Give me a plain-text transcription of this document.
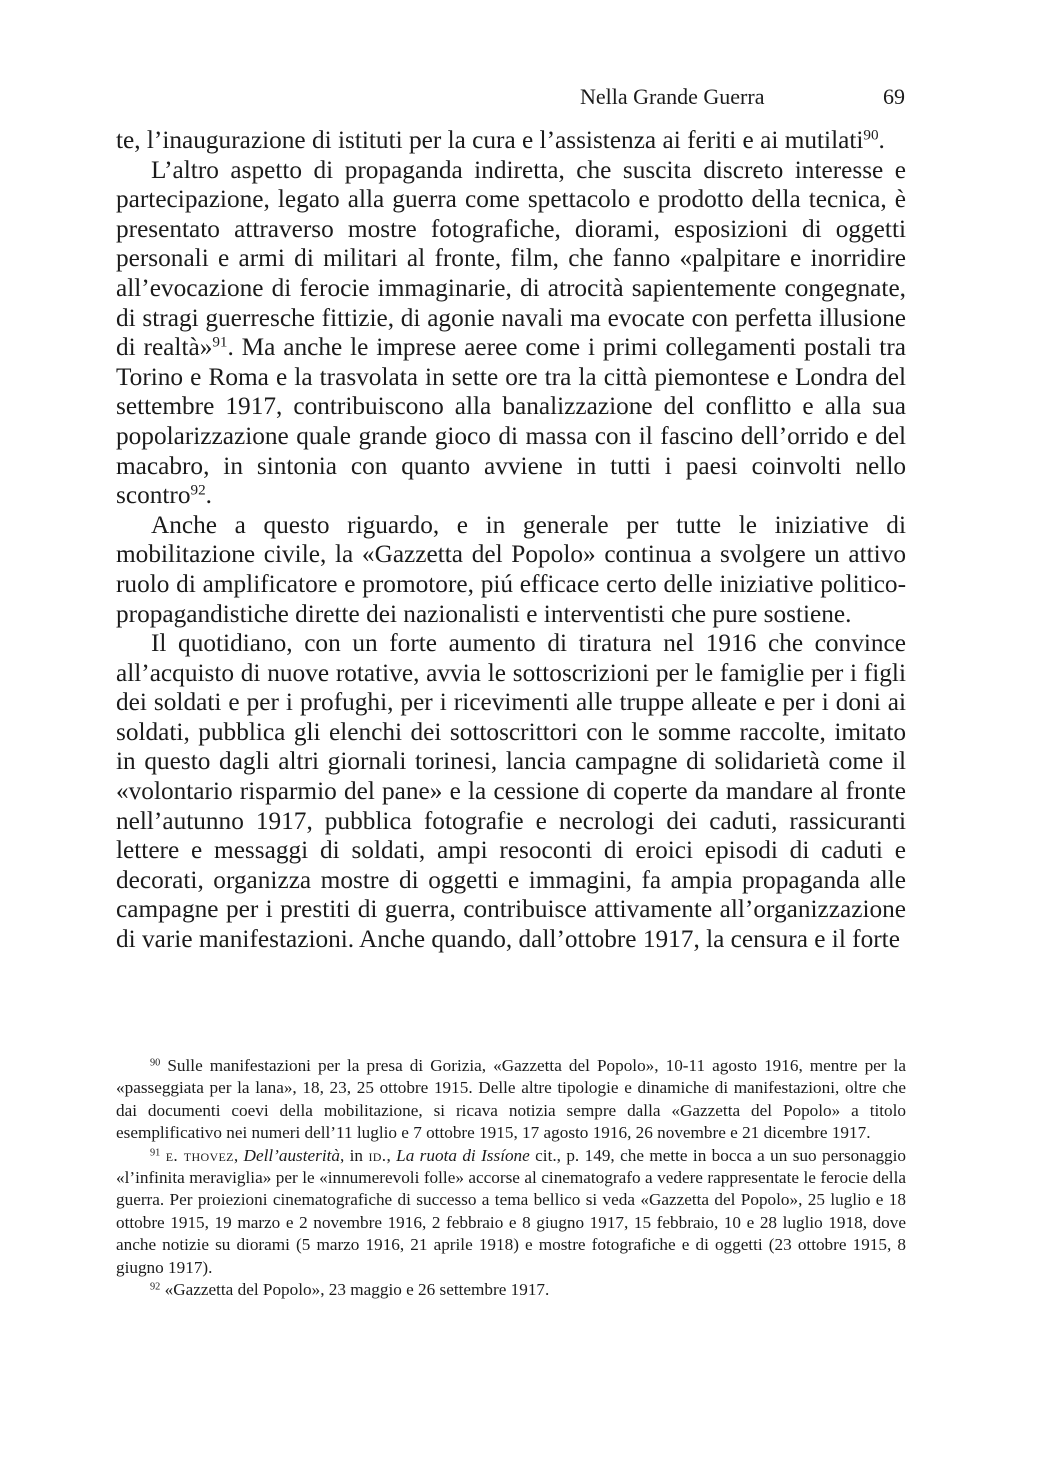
Nella Grande Guerra	69

te, l’inaugurazione di istituti per la cura e l’assistenza ai feriti e ai mutilati$^{90}$.

L’altro aspetto di propaganda indiretta, che suscita discreto interesse e partecipazione, legato alla guerra come spettacolo e prodotto della tecnica, è presentato attraverso mostre fotografiche, diorami, esposizioni di oggetti personali e armi di militari al fronte, film, che fanno «palpitare e inorridire all’evocazione di ferocie immaginarie, di atrocità sapientemente congegnate, di stragi guerresche fittizie, di agonie navali ma evocate con perfetta illusione di realtà»$^{91}$. Ma anche le imprese aeree come i primi collegamenti postali tra Torino e Roma e la trasvolata in sette ore tra la città piemontese e Londra del settembre 1917, contribuiscono alla banalizzazione del conflitto e alla sua popolarizzazione quale grande gioco di massa con il fascino dell’orrido e del macabro, in sintonia con quanto avviene in tutti i paesi coinvolti nello scontro$^{92}$.

Anche a questo riguardo, e in generale per tutte le iniziative di mobilitazione civile, la «Gazzetta del Popolo» continua a svolgere un attivo ruolo di amplificatore e promotore, piú efficace certo delle iniziative politico-propagandistiche dirette dei nazionalisti e interventisti che pure sostiene.

Il quotidiano, con un forte aumento di tiratura nel 1916 che convince all’acquisto di nuove rotative, avvia le sottoscrizioni per le famiglie per i figli dei soldati e per i profughi, per i ricevimenti alle truppe alleate e per i doni ai soldati, pubblica gli elenchi dei sottoscrittori con le somme raccolte, imitato in questo dagli altri giornali torinesi, lancia campagne di solidarietà come il «volontario risparmio del pane» e la cessione di coperte da mandare al fronte nell’autunno 1917, pubblica fotografie e necrologi dei caduti, rassicuranti lettere e messaggi di soldati, ampi resoconti di eroici episodi di caduti e decorati, organizza mostre di oggetti e immagini, fa ampia propaganda alle campagne per i prestiti di guerra, contribuisce attivamente all’organizzazione di varie manifestazioni. Anche quando, dall’ottobre 1917, la censura e il forte

$^{90}$ Sulle manifestazioni per la presa di Gorizia, «Gazzetta del Popolo», 10-11 agosto 1916, mentre per la «passeggiata per la lana», 18, 23, 25 ottobre 1915. Delle altre tipologie e dinamiche di manifestazioni, oltre che dai documenti coevi della mobilitazione, si ricava notizia sempre dalla «Gazzetta del Popolo» a titolo esemplificativo nei numeri dell’11 luglio e 7 ottobre 1915, 17 agosto 1916, 26 novembre e 21 dicembre 1917.

$^{91}$ e. thovez, Dell’austerità, in id., La ruota di Issíone cit., p. 149, che mette in bocca a un suo personaggio «l’infinita meraviglia» per le «innumerevoli folle» accorse al cinematografo a vedere rappresentate le ferocie della guerra. Per proiezioni cinematografiche di successo a tema bellico si veda «Gazzetta del Popolo», 25 luglio e 18 ottobre 1915, 19 marzo e 2 novembre 1916, 2 febbraio e 8 giugno 1917, 15 febbraio, 10 e 28 luglio 1918, dove anche notizie su diorami (5 marzo 1916, 21 aprile 1918) e mostre fotografiche e di oggetti (23 ottobre 1915, 8 giugno 1917).

$^{92}$ «Gazzetta del Popolo», 23 maggio e 26 settembre 1917.
